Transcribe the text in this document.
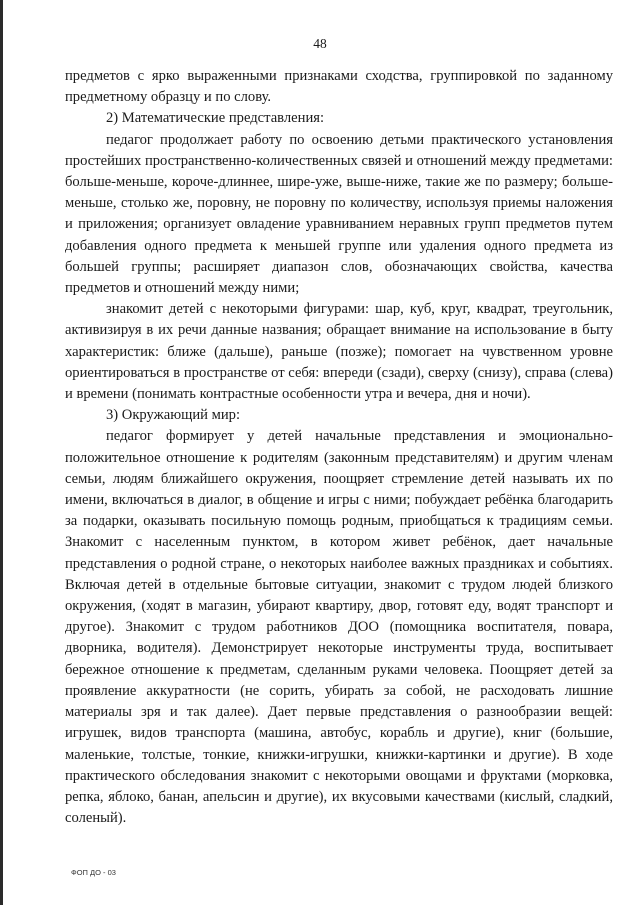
48

предметов с ярко выраженными признаками сходства, группировкой по заданному предметному образцу и по слову.

2) Математические представления:

педагог продолжает работу по освоению детьми практического установления простейших пространственно-количественных связей и отношений между предметами: больше-меньше, короче-длиннее, шире-уже, выше-ниже, такие же по размеру; больше-меньше, столько же, поровну, не поровну по количеству, используя приемы наложения и приложения; организует овладение уравниванием неравных групп предметов путем добавления одного предмета к меньшей группе или удаления одного предмета из большей группы; расширяет диапазон слов, обозначающих свойства, качества предметов и отношений между ними;

знакомит детей с некоторыми фигурами: шар, куб, круг, квадрат, треугольник, активизируя в их речи данные названия; обращает внимание на использование в быту характеристик: ближе (дальше), раньше (позже); помогает на чувственном уровне ориентироваться в пространстве от себя: впереди (сзади), сверху (снизу), справа (слева) и времени (понимать контрастные особенности утра и вечера, дня и ночи).

3) Окружающий мир:

педагог формирует у детей начальные представления и эмоционально-положительное отношение к родителям (законным представителям) и другим членам семьи, людям ближайшего окружения, поощряет стремление детей называть их по имени, включаться в диалог, в общение и игры с ними; побуждает ребёнка благодарить за подарки, оказывать посильную помощь родным, приобщаться к традициям семьи. Знакомит с населенным пунктом, в котором живет ребёнок, дает начальные представления о родной стране, о некоторых наиболее важных праздниках и событиях. Включая детей в отдельные бытовые ситуации, знакомит с трудом людей близкого окружения, (ходят в магазин, убирают квартиру, двор, готовят еду, водят транспорт и другое). Знакомит с трудом работников ДОО (помощника воспитателя, повара, дворника, водителя). Демонстрирует некоторые инструменты труда, воспитывает бережное отношение к предметам, сделанным руками человека. Поощряет детей за проявление аккуратности (не сорить, убирать за собой, не расходовать лишние материалы зря и так далее). Дает первые представления о разнообразии вещей: игрушек, видов транспорта (машина, автобус, корабль и другие), книг (большие, маленькие, толстые, тонкие, книжки-игрушки, книжки-картинки и другие). В ходе практического обследования знакомит с некоторыми овощами и фруктами (морковка, репка, яблоко, банан, апельсин и другие), их вкусовыми качествами (кислый, сладкий, соленый).

ФОП ДО - 03
